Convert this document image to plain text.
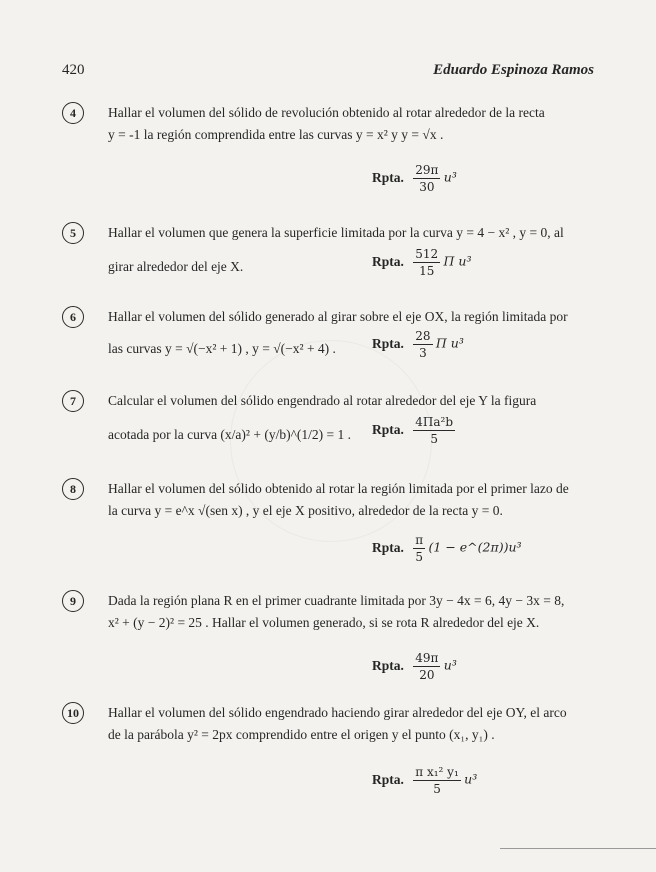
420	Eduardo Espinoza Ramos
4	Hallar el volumen del sólido de revolución obtenido al rotar alrededor de la recta
y = -1 la región comprendida entre las curvas y = x² y y = √x .
Rpta. $\frac{29\pi}{30} u^3$
5	Hallar el volumen que genera la superficie limitada por la curva y = 4 − x² , y = 0, al
girar alrededor del eje X.	Rpta. $\frac{512}{15}$ Π u³
6	Hallar el volumen del sólido generado al girar sobre el eje OX, la región limitada por
las curvas y = √(−x² + 1) , y = √(−x² + 4) .	Rpta. $\frac{28}{3}$ Π u³
7	Calcular el volumen del sólido engendrado al rotar alrededor del eje Y la figura
acotada por la curva (x/a)² + (y/b)^(1/2) = 1 .	Rpta. $\frac{\text{4Πa²b}}{5}$
8	Hallar el volumen del sólido obtenido al rotar la región limitada por el primer lazo de
la curva y = e^x √(sen x) , y el eje X positivo, alrededor de la recta y = 0.
Rpta. $\frac{\pi}{5} (1$ − e^(2π))u³
9	Dada la región plana R en el primer cuadrante limitada por 3y − 4x = 6, 4y − 3x = 8,
x² + (y − 2)² = 25 . Hallar el volumen generado, si se rota R alrededor del eje X.
Rpta. $\frac{49\pi}{20} u^3$
10	Hallar el volumen del sólido engendrado haciendo girar alrededor del eje OY, el arco
de la parábola y² = 2px comprendido entre el origen y el punto (x₁, y₁) .
Rpta. $\frac{\text{π x₁² y₁}}{5} u^3$
